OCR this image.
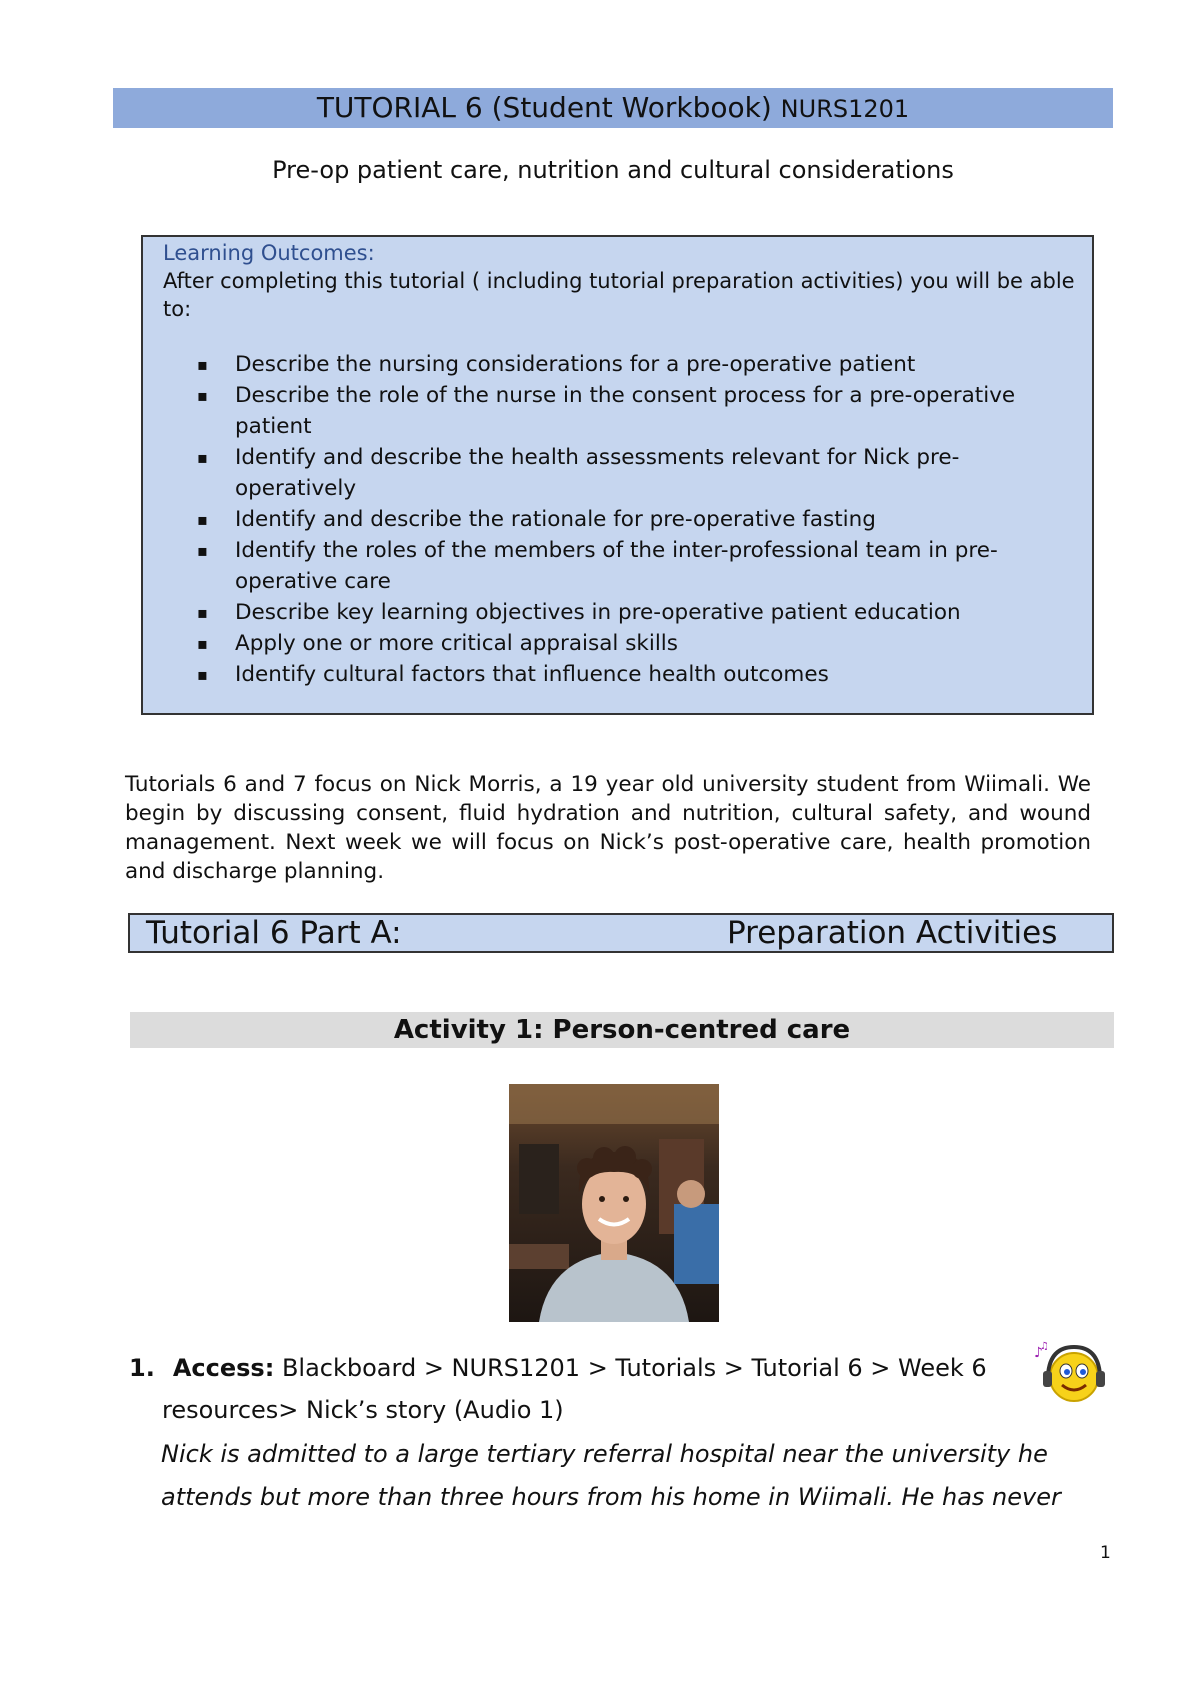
TUTORIAL 6 (Student Workbook) NURS1201
Pre-op patient care, nutrition and cultural considerations
Learning Outcomes:
After completing this tutorial ( including tutorial preparation activities) you will be able to:
▪ Describe the nursing considerations for a pre-operative patient
▪ Describe the role of the nurse in the consent process for a pre-operative patient
▪ Identify and describe the health assessments relevant for Nick pre-operatively
▪ Identify and describe the rationale for pre-operative fasting
▪ Identify the roles of the members of the inter-professional team in pre-operative care
▪ Describe key learning objectives in pre-operative patient education
▪ Apply one or more critical appraisal skills
▪ Identify cultural factors that influence health outcomes
Tutorials 6 and 7 focus on Nick Morris, a 19 year old university student from Wiimali. We begin by discussing consent, fluid hydration and nutrition, cultural safety, and wound management. Next week we will focus on Nick’s post-operative care, health promotion and discharge planning.
Tutorial 6 Part A:	Preparation Activities
Activity 1: Person-centred care
1. Access: Blackboard > NURS1201 > Tutorials > Tutorial 6 > Week 6
resources> Nick’s story (Audio 1)
Nick is admitted to a large tertiary referral hospital near the university he
attends but more than three hours from his home in Wiimali. He has never
♪
♫
1
